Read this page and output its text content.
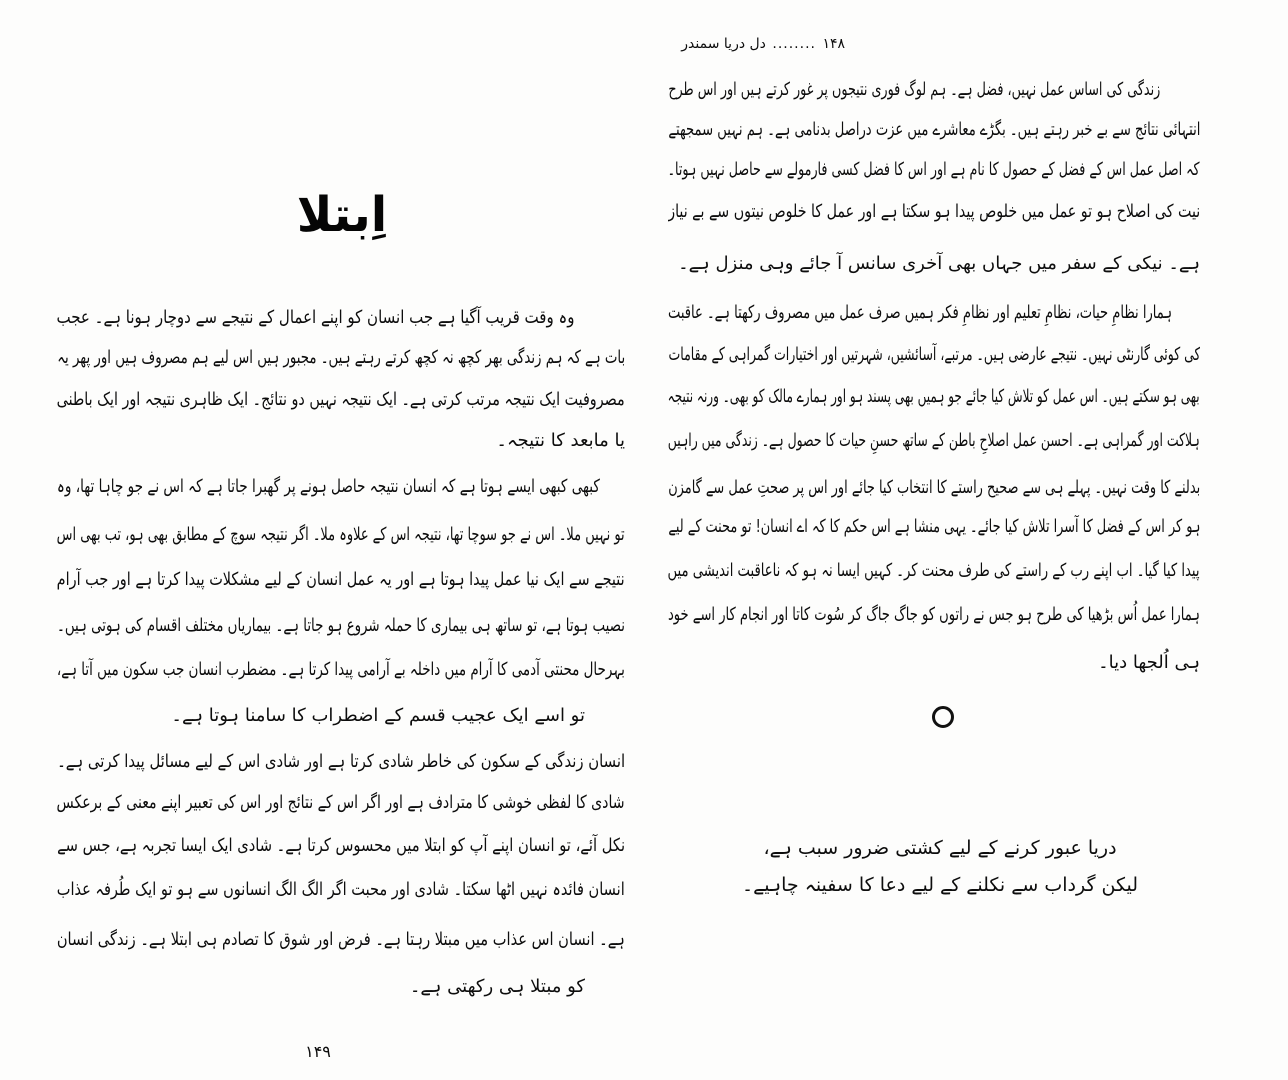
اِبتلا
وہ وقت قریب آگیا ہے جب انسان کو اپنے اعمال کے نتیجے سے دوچار ہونا ہے۔ عجب
بات ہے کہ ہم زندگی بھر کچھ نہ کچھ کرتے رہتے ہیں۔ مجبور ہیں اس لیے ہم مصروف ہیں اور پھر یہ
مصروفیت ایک نتیجہ مرتب کرتی ہے۔ ایک نتیجہ نہیں دو نتائج۔ ایک ظاہری نتیجہ اور ایک باطنی
یا مابعد کا نتیجہ۔
کبھی کبھی ایسے ہوتا ہے کہ انسان نتیجہ حاصل ہونے پر گھبرا جاتا ہے کہ اس نے جو چاہا تھا، وہ
تو نہیں ملا۔ اس نے جو سوچا تھا، نتیجہ اس کے علاوہ ملا۔ اگر نتیجہ سوچ کے مطابق بھی ہو، تب بھی اس
نتیجے سے ایک نیا عمل پیدا ہوتا ہے اور یہ عمل انسان کے لیے مشکلات پیدا کرتا ہے اور جب آرام
نصیب ہوتا ہے، تو ساتھ ہی بیماری کا حملہ شروع ہو جاتا ہے۔ بیماریاں مختلف اقسام کی ہوتی ہیں۔
بہرحال محنتی آدمی کا آرام میں داخلہ بے آرامی پیدا کرتا ہے۔ مضطرب انسان جب سکون میں آتا ہے،
تو اسے ایک عجیب قسم کے اضطراب کا سامنا ہوتا ہے۔
انسان زندگی کے سکون کی خاطر شادی کرتا ہے اور شادی اس کے لیے مسائل پیدا کرتی ہے۔
شادی کا لفظی خوشی کا مترادف ہے اور اگر اس کے نتائج اور اس کی تعبیر اپنے معنی کے برعکس
نکل آئے، تو انسان اپنے آپ کو ابتلا میں محسوس کرتا ہے۔ شادی ایک ایسا تجربہ ہے، جس سے
انسان فائدہ نہیں اٹھا سکتا۔ شادی اور محبت اگر الگ الگ انسانوں سے ہو تو ایک طُرفہ عذاب
ہے۔ انسان اس عذاب میں مبتلا رہتا ہے۔ فرض اور شوق کا تصادم ہی ابتلا ہے۔ زندگی انسان
کو مبتلا ہی رکھتی ہے۔
۱۴۹
۱۴۸ ........ دل دریا سمندر
زندگی کی اساس عمل نہیں، فضل ہے۔ ہم لوگ فوری نتیجوں پر غور کرتے ہیں اور اس طرح
انتہائی نتائج سے بے خبر رہتے ہیں۔ بگڑے معاشرے میں عزت دراصل بدنامی ہے۔ ہم نہیں سمجھتے
کہ اصل عمل اس کے فضل کے حصول کا نام ہے اور اس کا فضل کسی فارمولے سے حاصل نہیں ہوتا۔
نیت کی اصلاح ہو تو عمل میں خلوص پیدا ہو سکتا ہے اور عمل کا خلوص نیتوں سے بے نیاز
ہے۔ نیکی کے سفر میں جہاں بھی آخری سانس آ جائے وہی منزل ہے۔
ہمارا نظامِ حیات، نظامِ تعلیم اور نظامِ فکر ہمیں صرف عمل میں مصروف رکھتا ہے۔ عاقبت
کی کوئی گارنٹی نہیں۔ نتیجے عارضی ہیں۔ مرتبے، آسائشیں، شہرتیں اور اختیارات گمراہی کے مقامات
بھی ہو سکتے ہیں۔ اس عمل کو تلاش کیا جائے جو ہمیں بھی پسند ہو اور ہمارے مالک کو بھی۔ ورنہ نتیجہ
ہلاکت اور گمراہی ہے۔ احسن عمل اصلاحِ باطن کے ساتھ حسنِ حیات کا حصول ہے۔ زندگی میں راہیں
بدلنے کا وقت نہیں۔ پہلے ہی سے صحیح راستے کا انتخاب کیا جائے اور اس پر صحتِ عمل سے گامزن
ہو کر اس کے فضل کا آسرا تلاش کیا جائے۔ یہی منشا ہے اس حکم کا کہ اے انسان! تو محنت کے لیے
پیدا کیا گیا۔ اب اپنے رب کے راستے کی طرف محنت کر۔ کہیں ایسا نہ ہو کہ ناعاقبت اندیشی میں
ہمارا عمل اُس بڑھیا کی طرح ہو جس نے راتوں کو جاگ جاگ کر سُوت کاتا اور انجام کار اسے خود
ہی اُلجھا دیا۔
دریا عبور کرنے کے لیے کشتی ضرور سبب ہے،
لیکن گرداب سے نکلنے کے لیے دعا کا سفینہ چاہیے۔
